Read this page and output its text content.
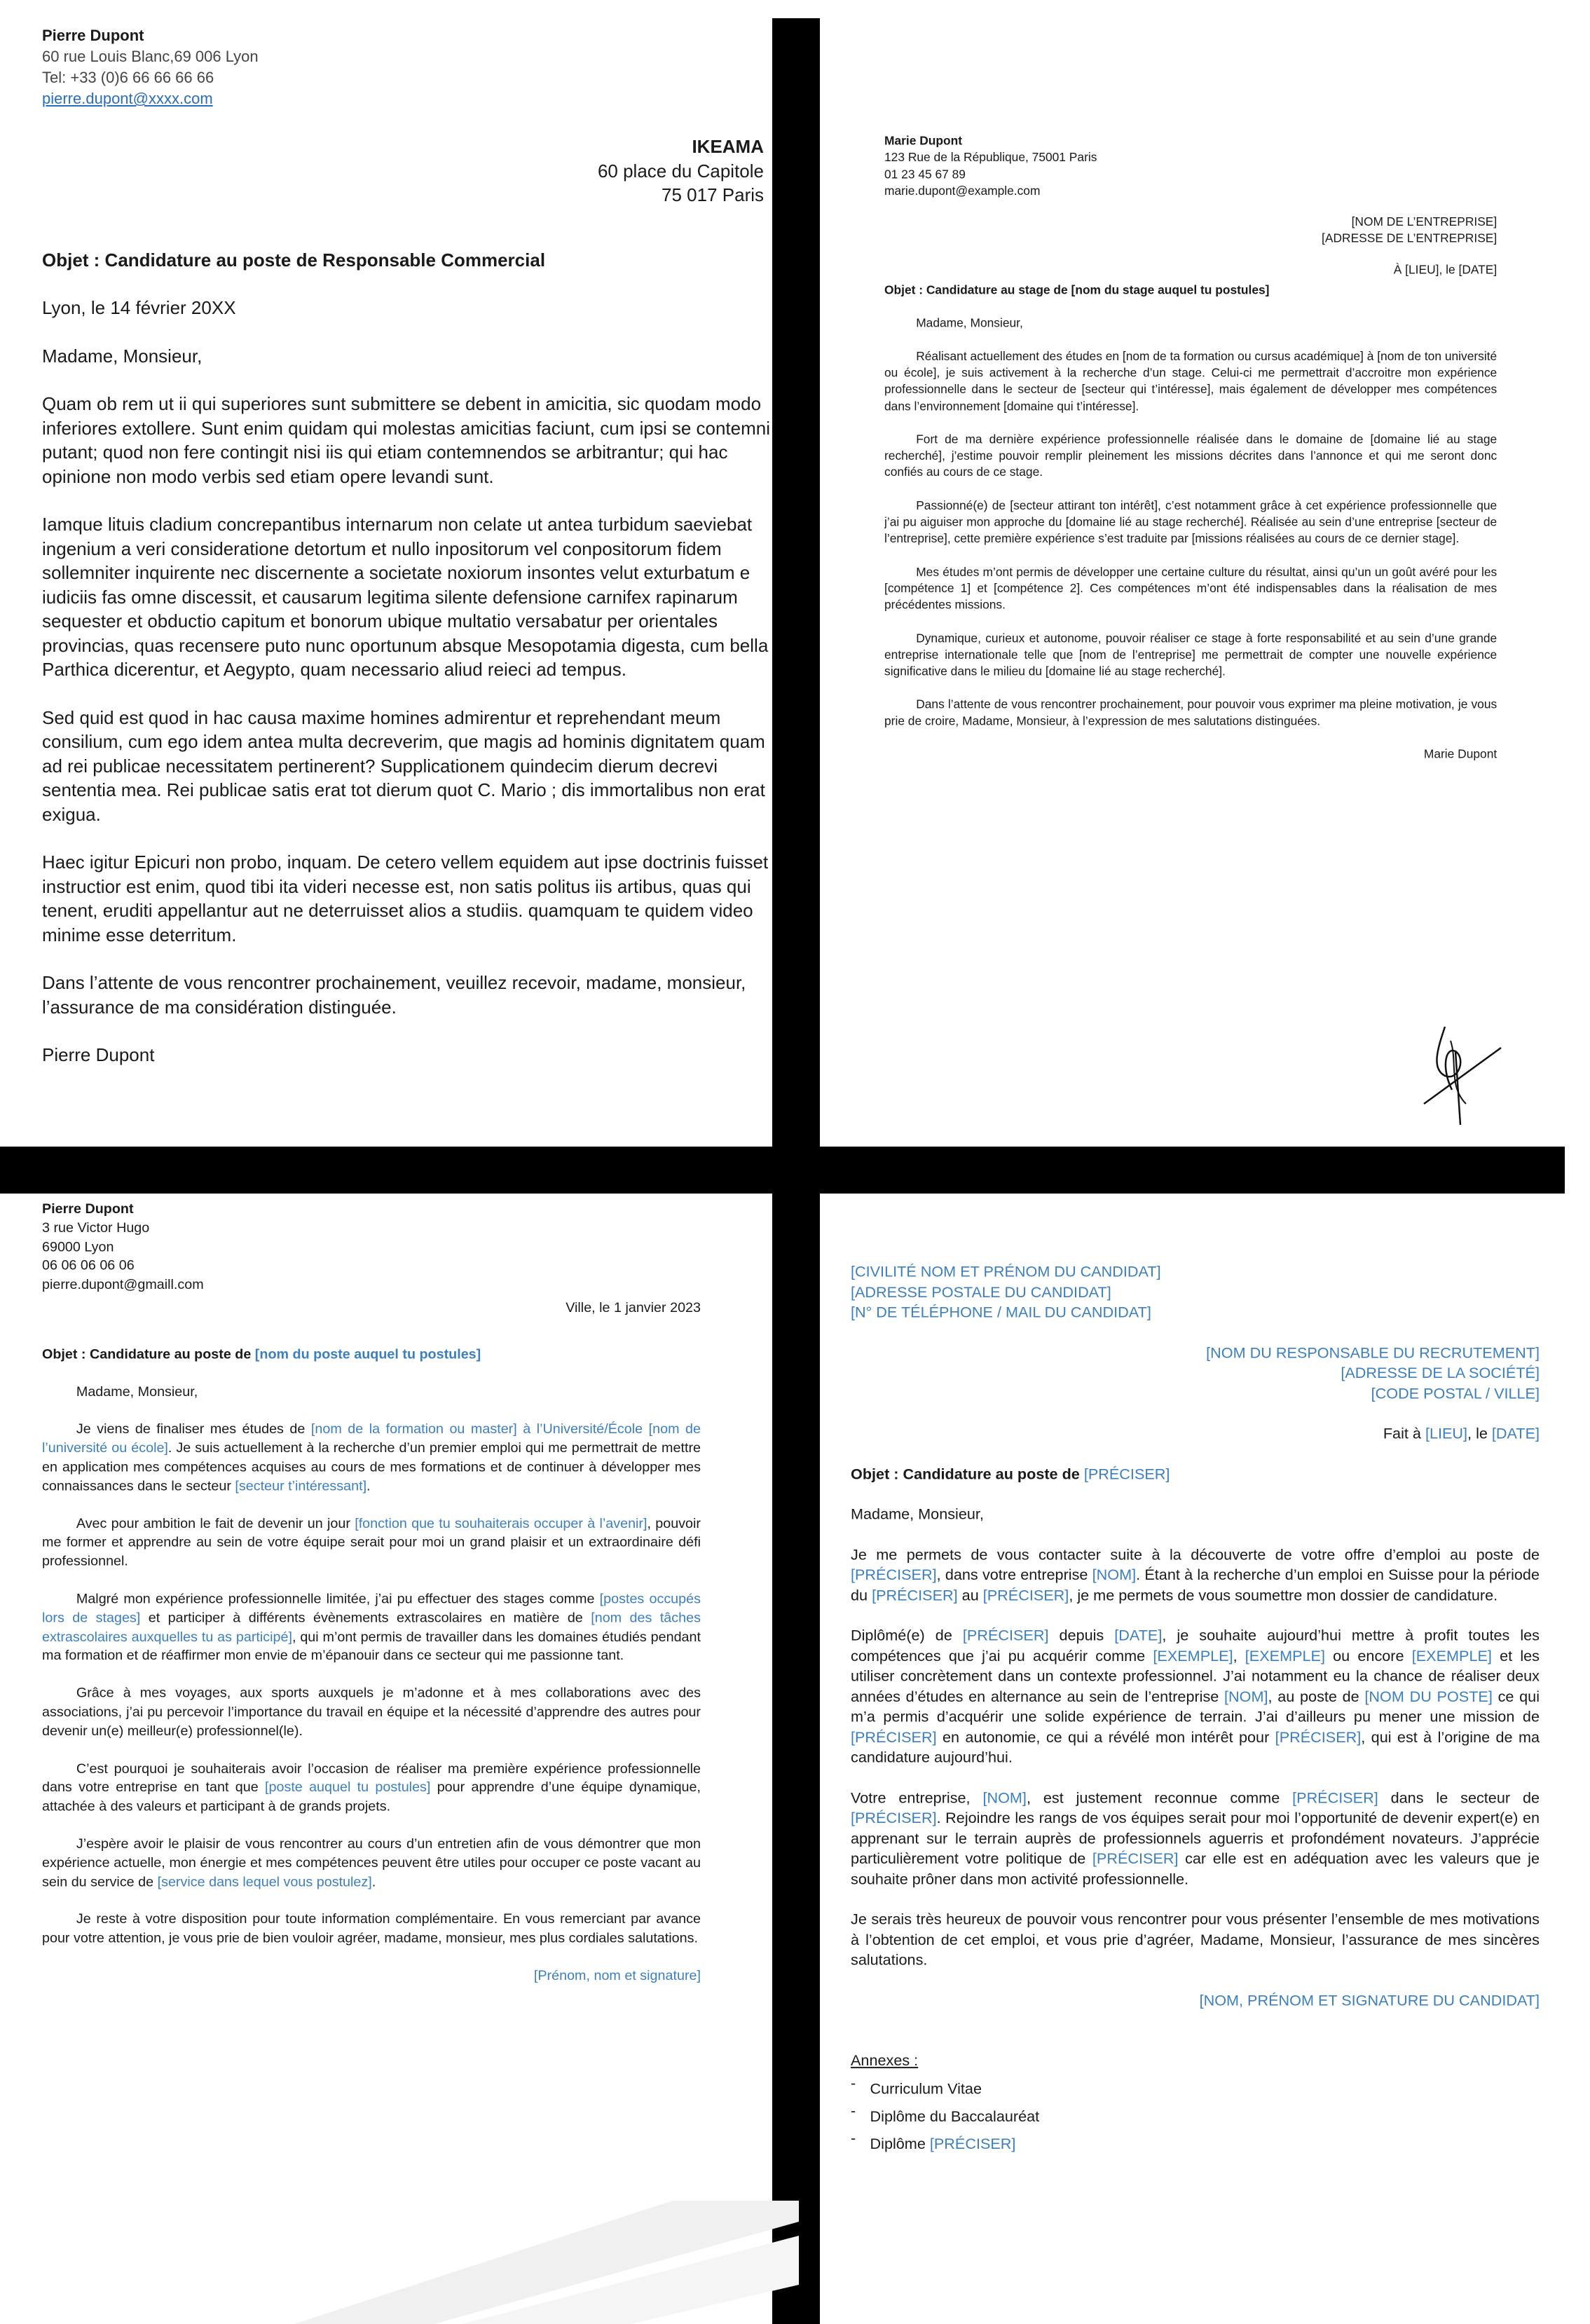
Pierre Dupont

60 rue Louis Blanc,69 006 Lyon

Tel: +33 (0)6 66 66 66 66

pierre.dupont@xxxx.com

IKEAMA

60 place du Capitole

75 017 Paris

Objet : Candidature au poste de Responsable Commercial

Lyon, le 14 février 20XX

Madame, Monsieur,

Quam ob rem ut ii qui superiores sunt submittere se debent in amicitia, sic quodam modo inferiores extollere. Sunt enim quidam qui molestas amicitias faciunt, cum ipsi se contemni putant; quod non fere contingit nisi iis qui etiam contemnendos se arbitrantur; qui hac opinione non modo verbis sed etiam opere levandi sunt.

Iamque lituis cladium concrepantibus internarum non celate ut antea turbidum saeviebat ingenium a veri consideratione detortum et nullo inpositorum vel conpositorum fidem sollemniter inquirente nec discernente a societate noxiorum insontes velut exturbatum e iudiciis fas omne discessit, et causarum legitima silente defensione carnifex rapinarum sequester et obductio capitum et bonorum ubique multatio versabatur per orientales provincias, quas recensere puto nunc oportunum absque Mesopotamia digesta, cum bella Parthica dicerentur, et Aegypto, quam necessario aliud reieci ad tempus.

Sed quid est quod in hac causa maxime homines admirentur et reprehendant meum consilium, cum ego idem antea multa decreverim, que magis ad hominis dignitatem quam ad rei publicae necessitatem pertinerent? Supplicationem quindecim dierum decrevi sententia mea. Rei publicae satis erat tot dierum quot C. Mario ; dis immortalibus non erat exigua.

Haec igitur Epicuri non probo, inquam. De cetero vellem equidem aut ipse doctrinis fuisset instructior est enim, quod tibi ita videri necesse est, non satis politus iis artibus, quas qui tenent, eruditi appellantur aut ne deterruisset alios a studiis. quamquam te quidem video minime esse deterritum.

Dans l’attente de vous rencontrer prochainement, veuillez recevoir, madame, monsieur, l’assurance de ma considération distinguée.

Pierre Dupont

Marie Dupont

123 Rue de la République, 75001 Paris

01 23 45 67 89

marie.dupont@example.com

[NOM DE L’ENTREPRISE]

[ADRESSE DE L’ENTREPRISE]

À [LIEU], le [DATE]

Objet : Candidature au stage de [nom du stage auquel tu postules]

Madame, Monsieur,

Réalisant actuellement des études en [nom de ta formation ou cursus académique] à [nom de ton université ou école], je suis activement à la recherche d’un stage. Celui-ci me permettrait d’accroitre mon expérience professionnelle dans le secteur de [secteur qui t’intéresse], mais également de développer mes compétences dans l’environnement [domaine qui t’intéresse].

Fort de ma dernière expérience professionnelle réalisée dans le domaine de [domaine lié au stage recherché], j’estime pouvoir remplir pleinement les missions décrites dans l’annonce et qui me seront donc confiés au cours de ce stage.

Passionné(e) de [secteur attirant ton intérêt], c’est notamment grâce à cet expérience professionnelle que j’ai pu aiguiser mon approche du [domaine lié au stage recherché]. Réalisée au sein d’une entreprise [secteur de l’entreprise], cette première expérience s’est traduite par [missions réalisées au cours de ce dernier stage].

Mes études m’ont permis de développer une certaine culture du résultat, ainsi qu’un un goût avéré pour les [compétence 1] et [compétence 2]. Ces compétences m’ont été indispensables dans la réalisation de mes précédentes missions.

Dynamique, curieux et autonome, pouvoir réaliser ce stage à forte responsabilité et au sein d’une grande entreprise internationale telle que [nom de l’entreprise] me permettrait de compter une nouvelle expérience significative dans le milieu du [domaine lié au stage recherché].

Dans l’attente de vous rencontrer prochainement, pour pouvoir vous exprimer ma pleine motivation, je vous prie de croire, Madame, Monsieur, à l’expression de mes salutations distinguées.

Marie Dupont

Pierre Dupont

3 rue Victor Hugo

69000 Lyon

06 06 06 06 06

pierre.dupont@gmaill.com

Ville, le 1 janvier 2023

Objet : Candidature au poste de [nom du poste auquel tu postules]

Madame, Monsieur,

Je viens de finaliser mes études de [nom de la formation ou master] à l’Université/École [nom de l’université ou école]. Je suis actuellement à la recherche d’un premier emploi qui me permettrait de mettre en application mes compétences acquises au cours de mes formations et de continuer à développer mes connaissances dans le secteur [secteur t’intéressant].

Avec pour ambition le fait de devenir un jour [fonction que tu souhaiterais occuper à l’avenir], pouvoir me former et apprendre au sein de votre équipe serait pour moi un grand plaisir et un extraordinaire défi professionnel.

Malgré mon expérience professionnelle limitée, j’ai pu effectuer des stages comme [postes occupés lors de stages] et participer à différents évènements extrascolaires en matière de [nom des tâches extrascolaires auxquelles tu as participé], qui m’ont permis de travailler dans les domaines étudiés pendant ma formation et de réaffirmer mon envie de m’épanouir dans ce secteur qui me passionne tant.

Grâce à mes voyages, aux sports auxquels je m’adonne et à mes collaborations avec des associations, j’ai pu percevoir l’importance du travail en équipe et la nécessité d’apprendre des autres pour devenir un(e) meilleur(e) professionnel(le).

C’est pourquoi je souhaiterais avoir l’occasion de réaliser ma première expérience professionnelle dans votre entreprise en tant que [poste auquel tu postules] pour apprendre d’une équipe dynamique, attachée à des valeurs et participant à de grands projets.

J’espère avoir le plaisir de vous rencontrer au cours d’un entretien afin de vous démontrer que mon expérience actuelle, mon énergie et mes compétences peuvent être utiles pour occuper ce poste vacant au sein du service de [service dans lequel vous postulez].

Je reste à votre disposition pour toute information complémentaire. En vous remerciant par avance pour votre attention, je vous prie de bien vouloir agréer, madame, monsieur, mes plus cordiales salutations.

[Prénom, nom et signature]

[CIVILITÉ NOM ET PRÉNOM DU CANDIDAT]

[ADRESSE POSTALE DU CANDIDAT]

[N° DE TÉLÉPHONE / MAIL DU CANDIDAT]

[NOM DU RESPONSABLE DU RECRUTEMENT]

[ADRESSE DE LA SOCIÉTÉ]

[CODE POSTAL / VILLE]

Fait à [LIEU], le [DATE]

Objet : Candidature au poste de [PRÉCISER]

Madame, Monsieur,

Je me permets de vous contacter suite à la découverte de votre offre d’emploi au poste de [PRÉCISER], dans votre entreprise [NOM]. Étant à la recherche d’un emploi en Suisse pour la période du [PRÉCISER] au [PRÉCISER], je me permets de vous soumettre mon dossier de candidature.

Diplômé(e) de [PRÉCISER] depuis [DATE], je souhaite aujourd’hui mettre à profit toutes les compétences que j’ai pu acquérir comme [EXEMPLE], [EXEMPLE] ou encore [EXEMPLE] et les utiliser concrètement dans un contexte professionnel. J’ai notamment eu la chance de réaliser deux années d’études en alternance au sein de l’entreprise [NOM], au poste de [NOM DU POSTE] ce qui m’a permis d’acquérir une solide expérience de terrain. J’ai d’ailleurs pu mener une mission de [PRÉCISER] en autonomie, ce qui a révélé mon intérêt pour [PRÉCISER], qui est à l’origine de ma candidature aujourd’hui.

Votre entreprise, [NOM], est justement reconnue comme [PRÉCISER] dans le secteur de [PRÉCISER]. Rejoindre les rangs de vos équipes serait pour moi l’opportunité de devenir expert(e) en apprenant sur le terrain auprès de professionnels aguerris et profondément novateurs. J’apprécie particulièrement votre politique de [PRÉCISER] car elle est en adéquation avec les valeurs que je souhaite prôner dans mon activité professionnelle.

Je serais très heureux de pouvoir vous rencontrer pour vous présenter l’ensemble de mes motivations à l’obtention de cet emploi, et vous prie d’agréer, Madame, Monsieur, l’assurance de mes sincères salutations.

[NOM, PRÉNOM ET SIGNATURE DU CANDIDAT]

Annexes :

- Curriculum Vitae
- Diplôme du Baccalauréat
- Diplôme [PRÉCISER]
